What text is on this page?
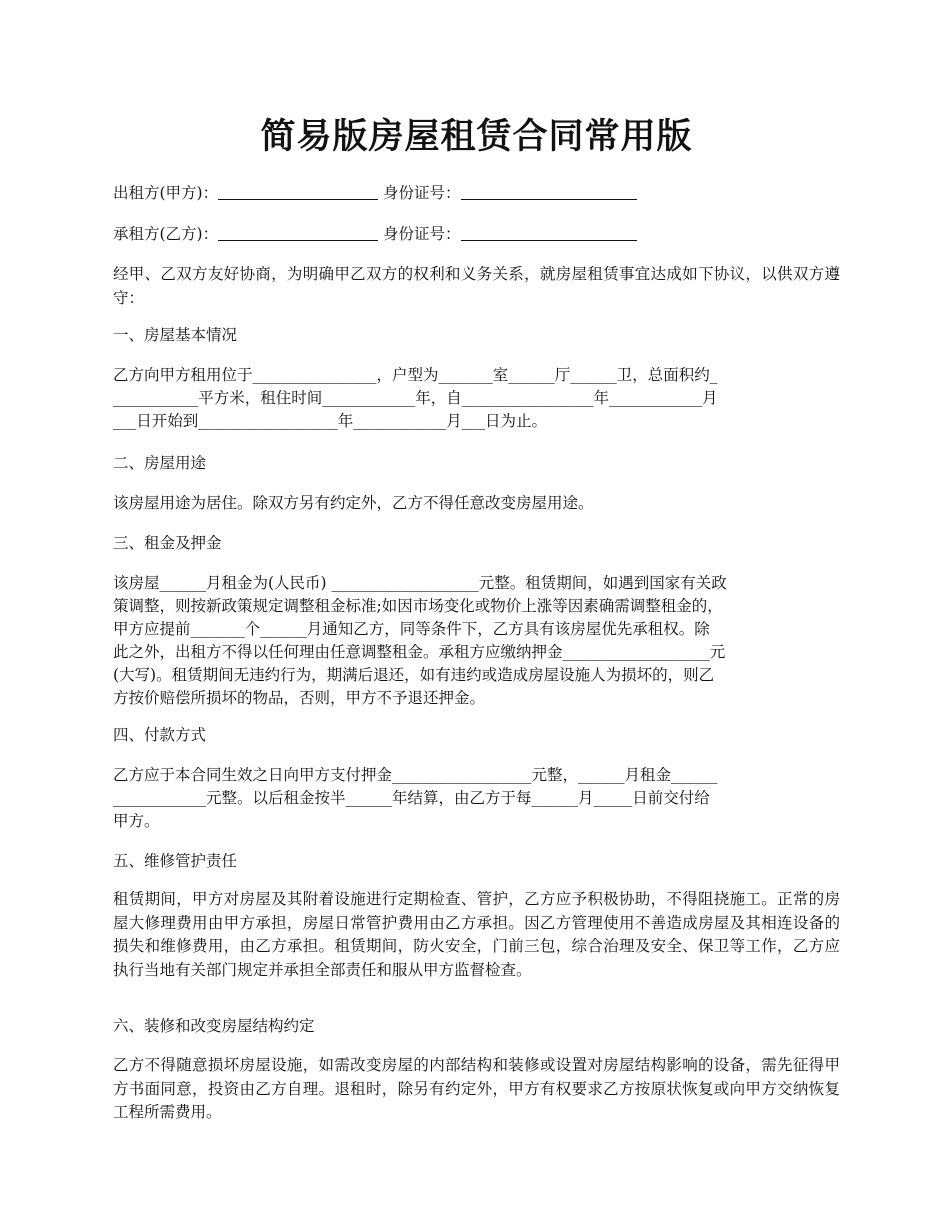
简易版房屋租赁合同常用版
出租方(甲方)：	身份证号：
承租方(乙方)：	身份证号：

经甲、乙双方友好协商，为明确甲乙双方的权利和义务关系，就房屋租赁事宜达成如下协议，以供双方遵守：

一、房屋基本情况
乙方向甲方租用位于________________，户型为_______室______厅______卫，总面积约_
___________平方米，租住时间____________年，自_________________年____________月
___日开始到__________________年____________月___日为止。
二、房屋用途
该房屋用途为居住。除双方另有约定外，乙方不得任意改变房屋用途。
三、租金及押金
该房屋______月租金为(人民币) ___________________元整。租赁期间，如遇到国家有关政
策调整，则按新政策规定调整租金标准;如因市场变化或物价上涨等因素确需调整租金的，
甲方应提前_______个______月通知乙方，同等条件下，乙方具有该房屋优先承租权。除
此之外，出租方不得以任何理由任意调整租金。承租方应缴纳押金___________________元
(大写)。租赁期间无违约行为，期满后退还，如有违约或造成房屋设施人为损坏的，则乙
方按价赔偿所损坏的物品，否则，甲方不予退还押金。
四、付款方式
乙方应于本合同生效之日向甲方支付押金__________________元整，______月租金______
____________元整。以后租金按半______年结算，由乙方于每______月_____日前交付给
甲方。
五、维修管护责任

租赁期间，甲方对房屋及其附着设施进行定期检查、管护，乙方应予积极协助，不得阻挠施工。正常的房屋大修理费用由甲方承担，房屋日常管护费用由乙方承担。因乙方管理使用不善造成房屋及其相连设备的损失和维修费用，由乙方承担。租赁期间，防火安全，门前三包，综合治理及安全、保卫等工作，乙方应执行当地有关部门规定并承担全部责任和服从甲方监督检查。

六、装修和改变房屋结构约定

乙方不得随意损坏房屋设施，如需改变房屋的内部结构和装修或设置对房屋结构影响的设备，需先征得甲方书面同意，投资由乙方自理。退租时，除另有约定外，甲方有权要求乙方按原状恢复或向甲方交纳恢复工程所需费用。
